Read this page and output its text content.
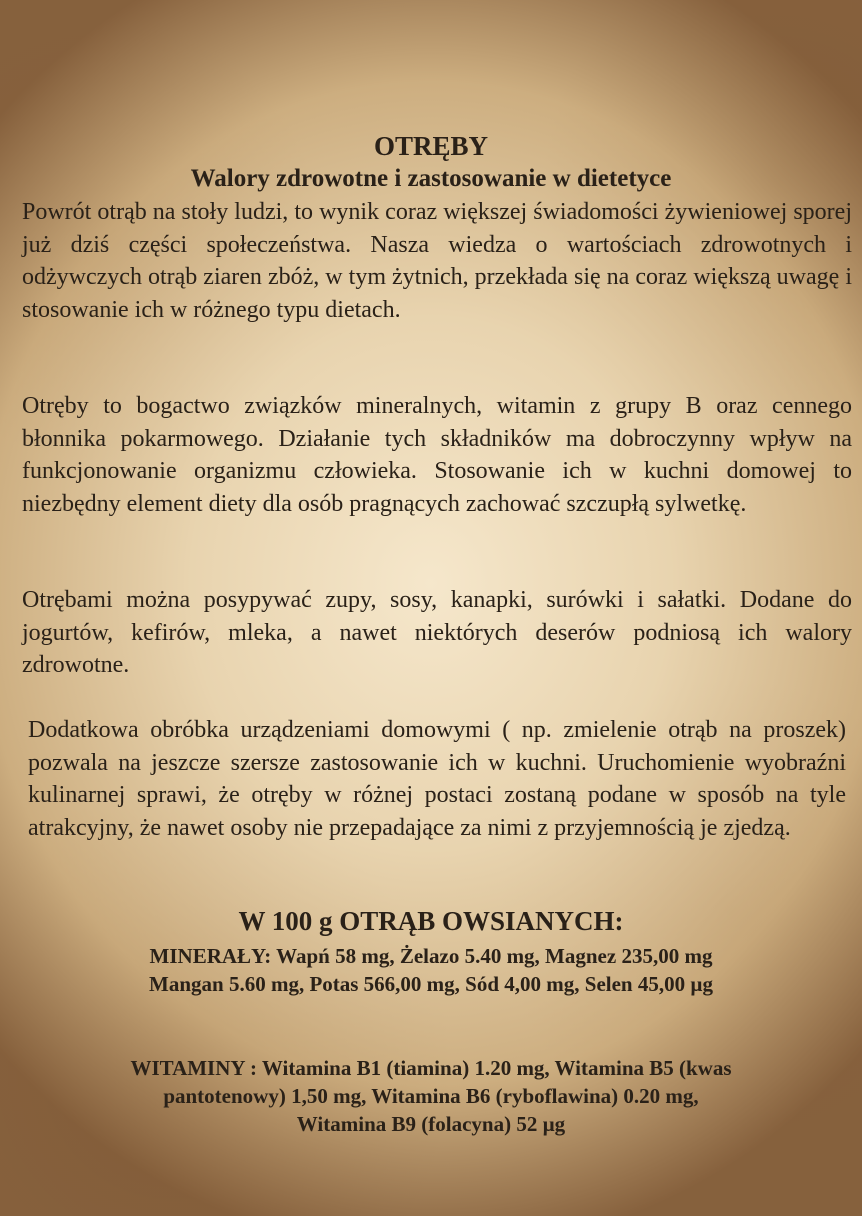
OTRĘBY
Walory zdrowotne i zastosowanie w dietetyce
Powrót otrąb na stoły ludzi, to wynik coraz większej świadomości żywieniowej sporej już dziś części społeczeństwa. Nasza wiedza o wartościach zdrowotnych i odżywczych otrąb ziaren zbóż, w tym żytnich, przekłada się na coraz większą uwagę i stosowanie ich w różnego typu dietach.
Otręby to bogactwo związków mineralnych, witamin z grupy B oraz cennego błonnika pokarmowego. Działanie tych składników ma dobroczynny wpływ na funkcjonowanie organizmu człowieka. Stosowanie ich w kuchni domowej to niezbędny element diety dla osób pragnących zachować szczupłą sylwetkę.
Otrębami można posypywać zupy, sosy, kanapki, surówki i sałatki. Dodane do jogurtów, kefirów, mleka, a nawet niektórych deserów podniosą ich walory zdrowotne.
Dodatkowa obróbka urządzeniami domowymi ( np. zmielenie otrąb na proszek) pozwala na jeszcze szersze zastosowanie ich w kuchni. Uruchomienie wyobraźni kulinarnej sprawi, że otręby w różnej postaci zostaną podane w sposób na tyle atrakcyjny, że nawet osoby nie przepadające za nimi z przyjemnością je zjedzą.
W 100 g OTRĄB OWSIANYCH:
MINERAŁY: Wapń 58 mg, Żelazo 5.40 mg, Magnez 235,00 mg
Mangan 5.60 mg, Potas 566,00 mg, Sód 4,00 mg, Selen 45,00 µg
WITAMINY : Witamina B1 (tiamina) 1.20 mg, Witamina B5 (kwas
pantotenowy) 1,50 mg, Witamina B6 (ryboflawina) 0.20 mg,
Witamina B9 (folacyna) 52 µg
